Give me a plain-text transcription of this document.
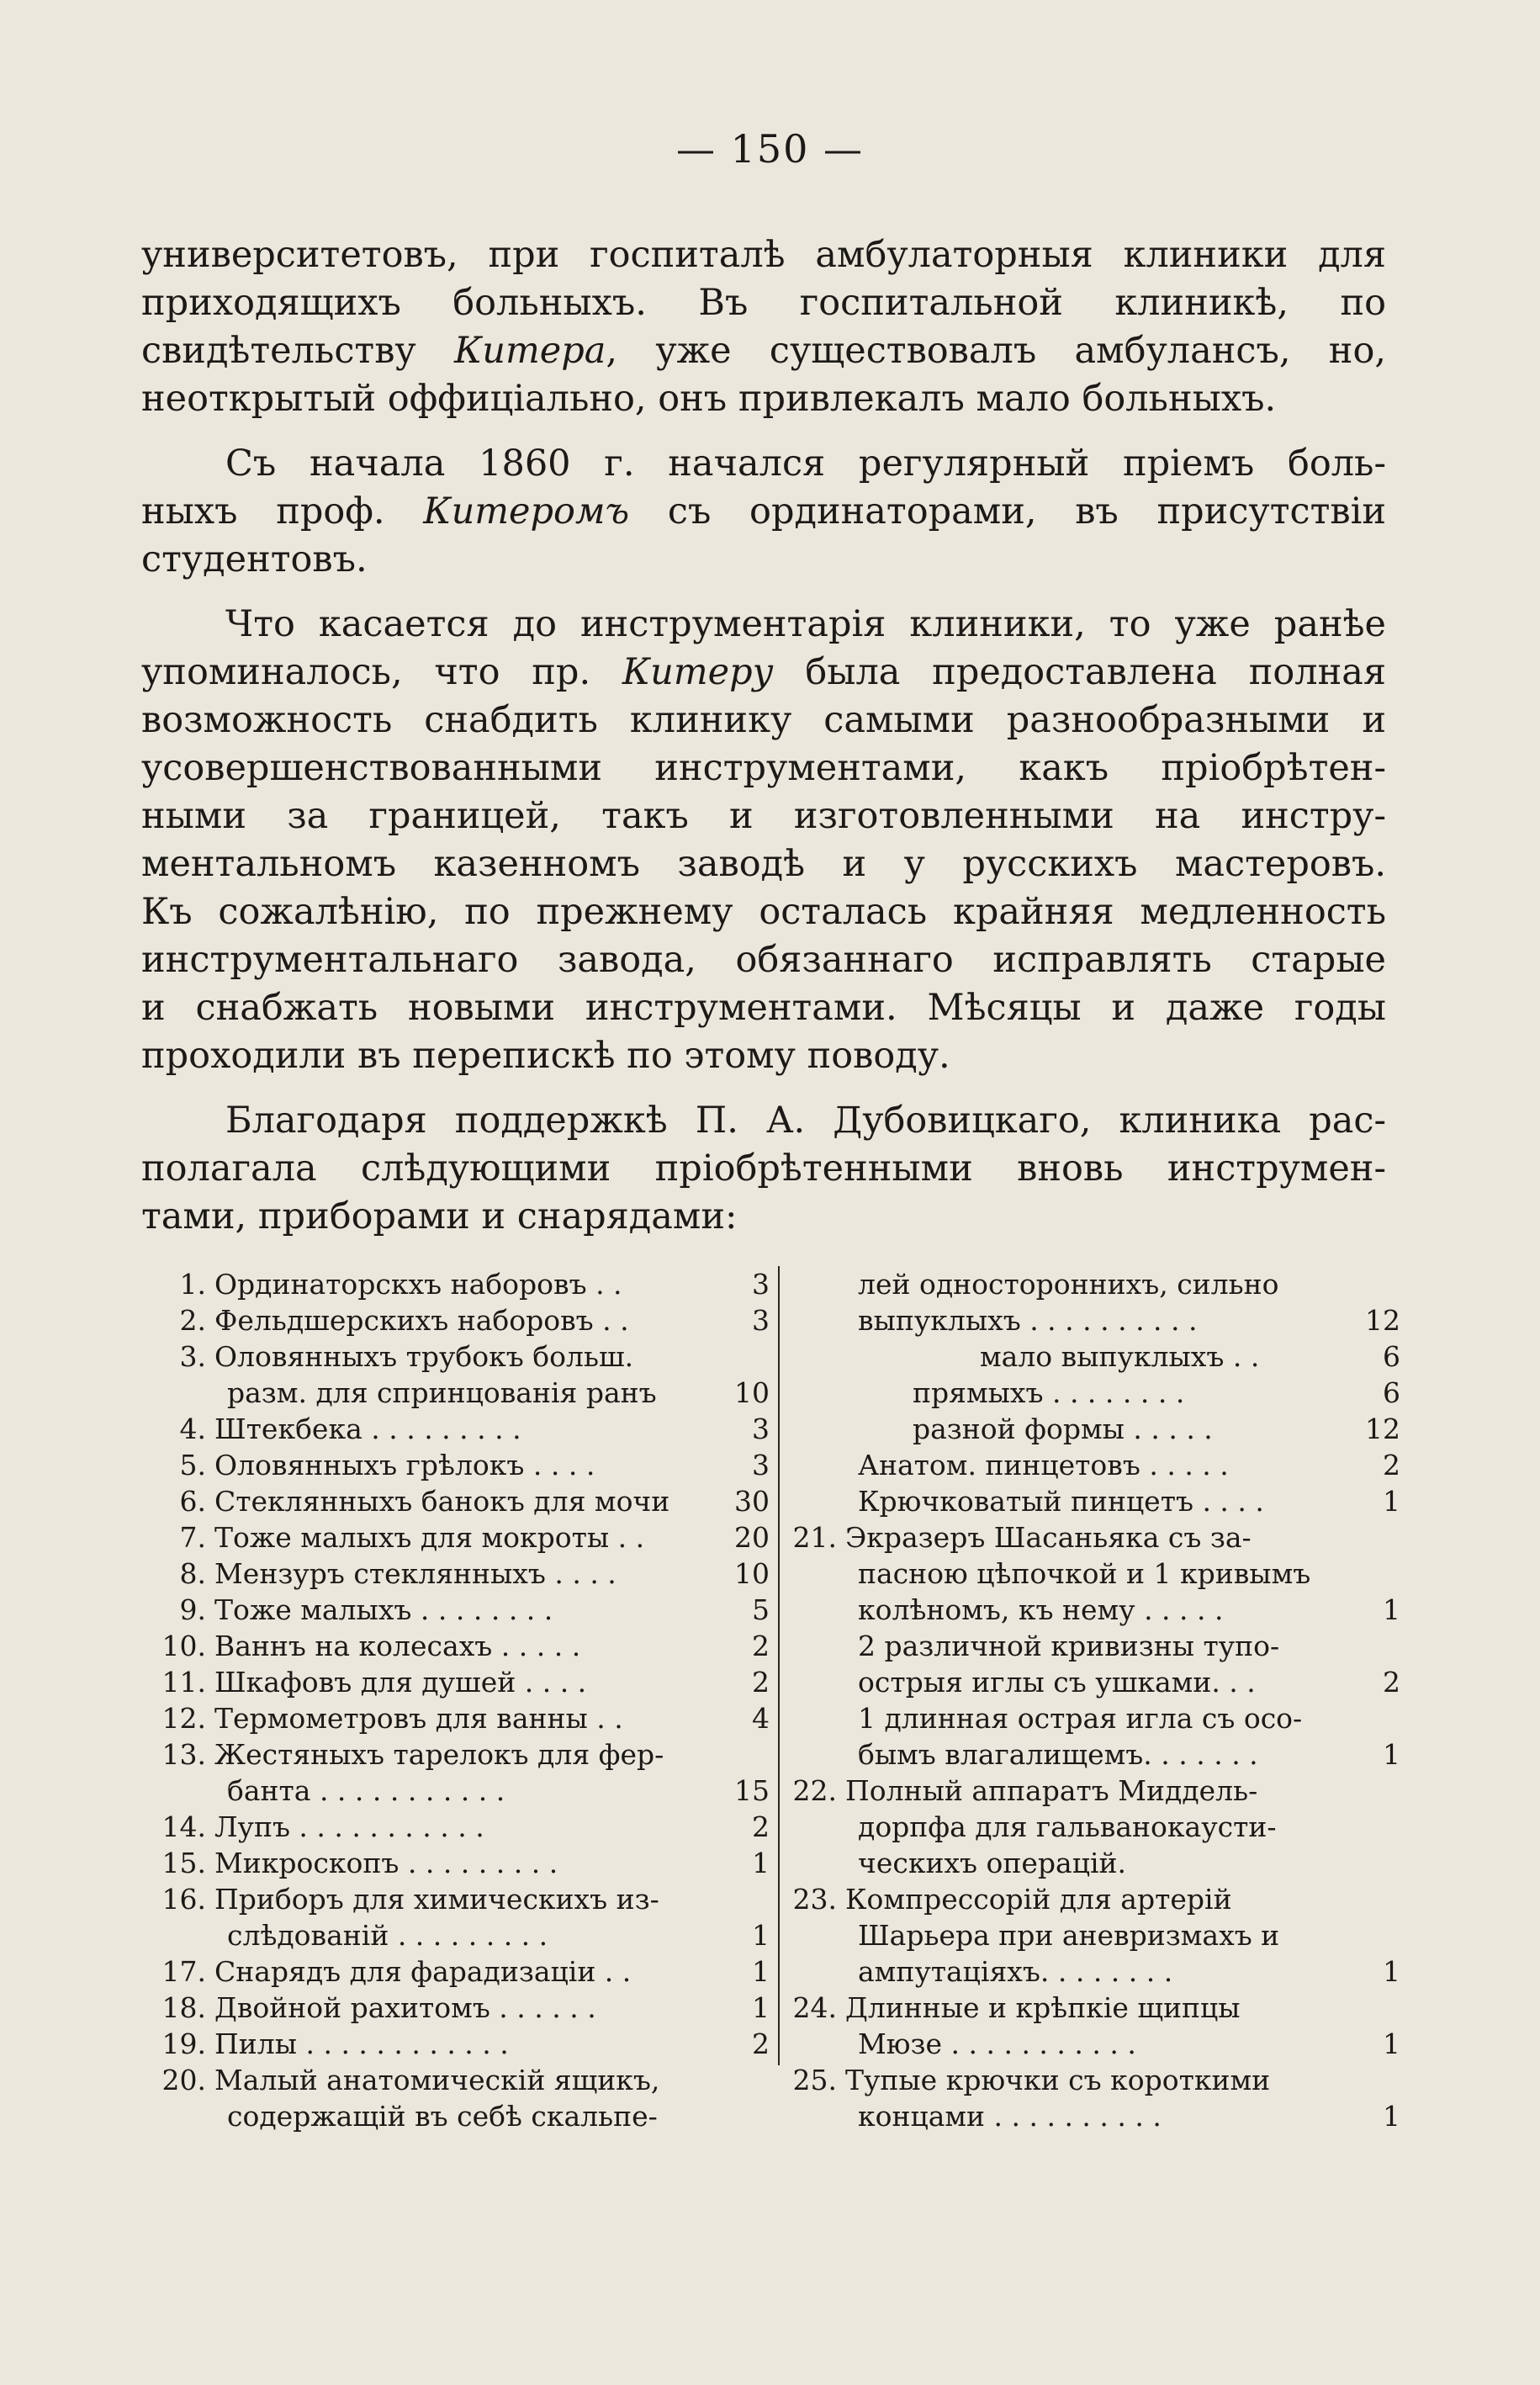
— 150 —
университетовъ, при госпиталѣ амбулаторныя клиники для
приходящихъ больныхъ. Въ госпитальной клиникѣ, по
свидѣтельству Китера, уже существовалъ амбулансъ, но,
неоткрытый оффиціально, онъ привлекалъ мало больныхъ.
Съ начала 1860 г. начался регулярный пріемъ боль-
ныхъ проф. Китеромъ съ ординаторами, въ присутствіи
студентовъ.
Что касается до инструментарія клиники, то уже ранѣе
упоминалось, что пр. Китеру была предоставлена полная
возможность снабдить клинику самыми разнообразными и
усовершенствованными инструментами, какъ пріобрѣтен-
ными за границей, такъ и изготовленными на инстру-
ментальномъ казенномъ заводѣ и у русскихъ мастеровъ.
Къ сожалѣнію, по прежнему осталась крайняя медленность
инструментальнаго завода, обязаннаго исправлять старые
и снабжать новыми инструментами. Мѣсяцы и даже годы
проходили въ перепискѣ по этому поводу.
Благодаря поддержкѣ П. А. Дубовицкаго, клиника рас-
полагала слѣдующими пріобрѣтенными вновь инструмен-
тами, приборами и снарядами:
1. Ординаторскхъ наборовъ . .	3
2. Фельдшерскихъ наборовъ . .	3
3. Оловянныхъ трубокъ больш.
разм. для спринцованія ранъ	10
4. Штекбека . . . . . . . . .	3
5. Оловянныхъ грѣлокъ . . . .	3
6. Стеклянныхъ банокъ для мочи	30
7. Тоже малыхъ для мокроты . .	20
8. Мензуръ стеклянныхъ . . . .	10
9. Тоже малыхъ . . . . . . . .	5
10. Ваннъ на колесахъ . . . . .	2
11. Шкафовъ для душей . . . .	2
12. Термометровъ для ванны . .	4
13. Жестяныхъ тарелокъ для фер-
банта . . . . . . . . . . .	15
14. Лупъ . . . . . . . . . . .	2
15. Микроскопъ . . . . . . . . .	1
16. Приборъ для химическихъ из-
слѣдованій . . . . . . . . .	1
17. Снарядъ для фарадизаціи . .	1
18. Двойной рахитомъ . . . . . .	1
19. Пилы . . . . . . . . . . . .	2
20. Малый анатомическій ящикъ,
содержащій въ себѣ скальпе-
лей одностороннихъ, сильно
выпуклыхъ . . . . . . . . . .	12
мало выпуклыхъ . .	6
прямыхъ . . . . . . . .	6
разной формы . . . . .	12
Анатом. пинцетовъ . . . . .	2
Крючковатый пинцетъ . . . .	1
21. Экразеръ Шасаньяка съ за-
пасною цѣпочкой и 1 кривымъ
колѣномъ, къ нему . . . . .	1
2 различной кривизны тупо-
острыя иглы съ ушками. . .	2
1 длинная острая игла съ осо-
бымъ влагалищемъ. . . . . . .	1
22. Полный аппаратъ Миддель-
дорпфа для гальванокаусти-
ческихъ операцій.
23. Компрессорій для артерій
Шарьера при аневризмахъ и
ампутаціяхъ. . . . . . . .	1
24. Длинные и крѣпкіе щипцы
Мюзе . . . . . . . . . . .	1
25. Тупые крючки съ короткими
концами . . . . . . . . . .	1
